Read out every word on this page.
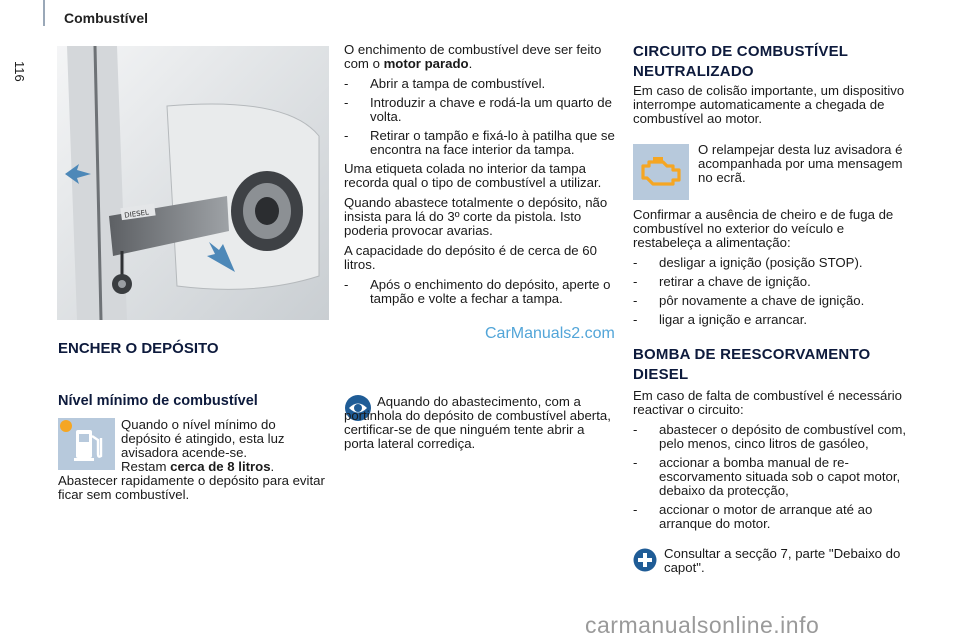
Combustível
116
DIESEL
ENCHER O DEPÓSITO
Nível mínimo de combustível

Quando o nível mínimo do depósito é atingido, esta luz avisadora acende-se.

Restam cerca de 8 litros. Abastecer rapidamente o depósito para evitar ficar sem combustível.

O enchimento de combustível deve ser feito com o motor parado.

- Abrir a tampa de combustível.
- Introduzir a chave e rodá-la um quarto de volta.
- Retirar o tampão e fixá-lo à patilha que se encontra na face interior da tampa.

Uma etiqueta colada no interior da tampa recorda qual o tipo de combustível a utilizar.

Quando abastece totalmente o depósito, não insista para lá do 3º corte da pistola. Isto poderia provocar avarias.

A capacidade do depósito é de cerca de 60 litros.

- Após o enchimento do depósito, aperte o tampão e volte a fechar a tampa.
CarManuals2.com

Aquando do abastecimento, com a portinhola do depósito de combustível aberta, certificar-se de que ninguém tente abrir a porta lateral corrediça.

CIRCUITO DE COMBUSTÍVEL NEUTRALIZADO

Em caso de colisão importante, um dispositivo interrompe automaticamente a chegada de combustível ao motor.

O relampejar desta luz avisadora é acompanhada por uma mensagem no ecrã.

Confirmar a ausência de cheiro e de fuga de combustível no exterior do veículo e restabeleça a alimentação:

- desligar a ignição (posição STOP).
- retirar a chave de ignição.
- pôr novamente a chave de ignição.
- ligar a ignição e arrancar.
BOMBA DE REESCORVAMENTO DIESEL

Em caso de falta de combustível é necessário reactivar o circuito:

- abastecer o depósito de combustível com, pelo menos, cinco litros de gasóleo,
- accionar a bomba manual de re-escorvamento situada sob o capot motor, debaixo da protecção,
- accionar o motor de arranque até ao arranque do motor.

Consultar a secção 7, parte "Debaixo do capot".

carmanualsonline.info
